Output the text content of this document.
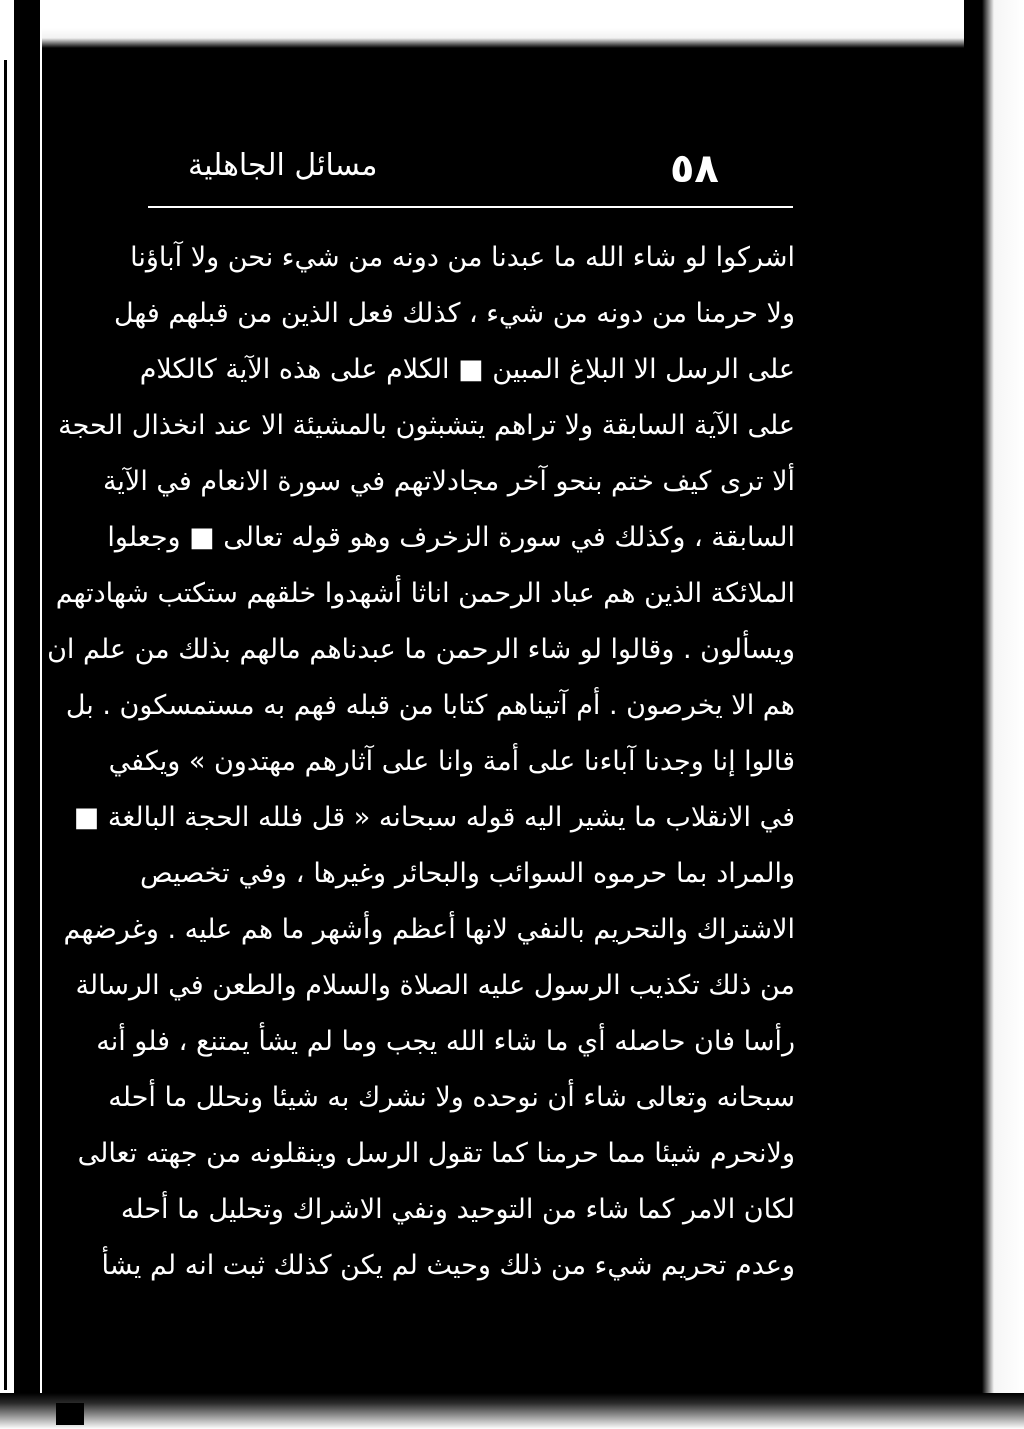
٥٨
مسائل الجاهلية
اشركوا لو شاء الله ما عبدنا من دونه من شيء نحن ولا آباؤنا
ولا حرمنا من دونه من شيء ، كذلك فعل الذين من قبلهم فهل
على الرسل الا البلاغ المبين ■ الكلام على هذه الآية كالكلام
على الآية السابقة ولا تراهم يتشبثون بالمشيئة الا عند انخذال الحجة
ألا ترى كيف ختم بنحو آخر مجادلاتهم في سورة الانعام في الآية
السابقة ، وكذلك في سورة الزخرف وهو قوله تعالى ■ وجعلوا
الملائكة الذين هم عباد الرحمن اناثا أشهدوا خلقهم ستكتب شهادتهم
ويسألون . وقالوا لو شاء الرحمن ما عبدناهم مالهم بذلك من علم ان
هم الا يخرصون . أم آتيناهم كتابا من قبله فهم به مستمسكون . بل
قالوا إنا وجدنا آباءنا على أمة وانا على آثارهم مهتدون » ويكفي
في الانقلاب ما يشير اليه قوله سبحانه « قل فلله الحجة البالغة ■
والمراد بما حرموه السوائب والبحائر وغيرها ، وفي تخصيص
الاشتراك والتحريم بالنفي لانها أعظم وأشهر ما هم عليه . وغرضهم
من ذلك تكذيب الرسول عليه الصلاة والسلام والطعن في الرسالة
رأسا فان حاصله أي ما شاء الله يجب وما لم يشأ يمتنع ، فلو أنه
سبحانه وتعالى شاء أن نوحده ولا نشرك به شيئا ونحلل ما أحله
ولانحرم شيئا مما حرمنا كما تقول الرسل وينقلونه من جهته تعالى
لكان الامر كما شاء من التوحيد ونفي الاشراك وتحليل ما أحله
وعدم تحريم شيء من ذلك وحيث لم يكن كذلك ثبت انه لم يشأ
